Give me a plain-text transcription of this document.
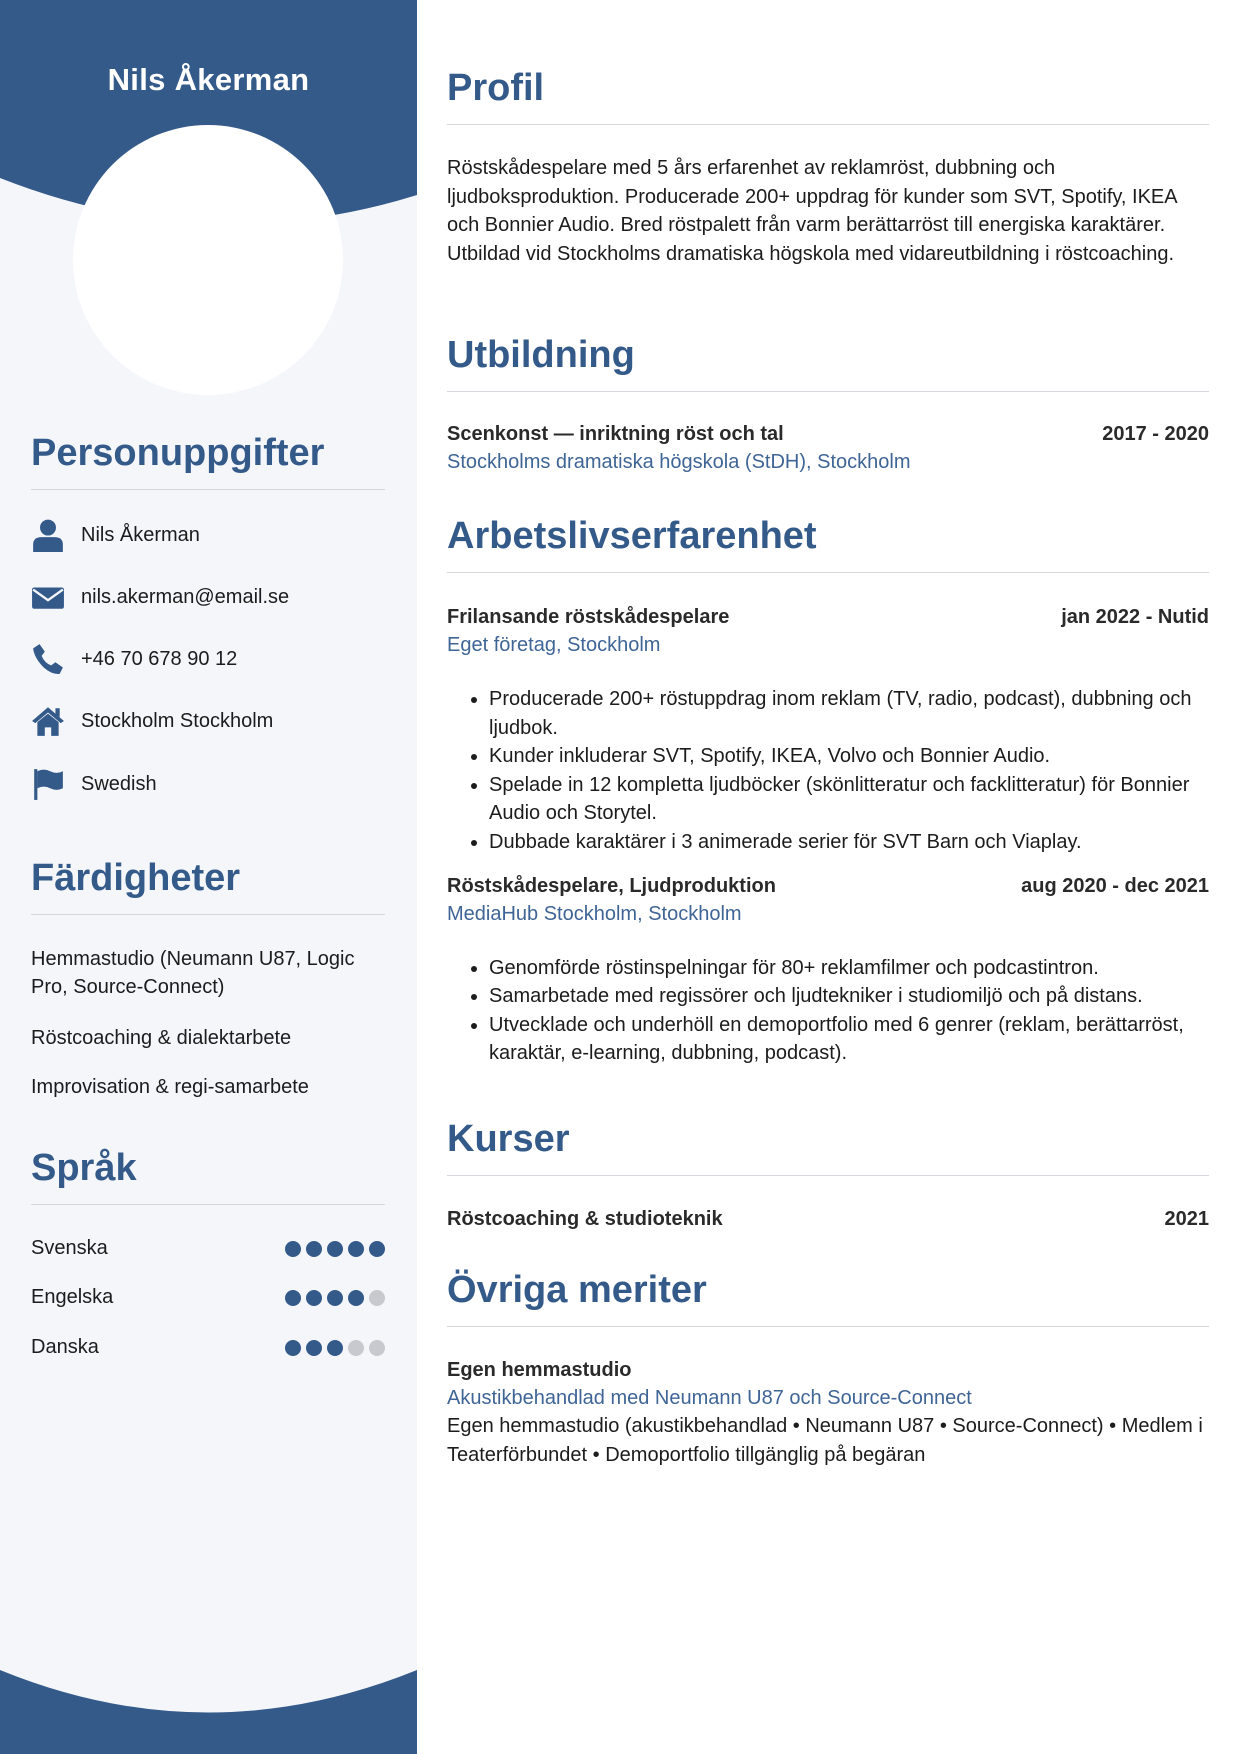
Nils Åkerman
Personuppgifter
Nils Åkerman
nils.akerman@email.se
+46 70 678 90 12
Stockholm Stockholm
Swedish
Färdigheter
Hemmastudio (Neumann U87, Logic Pro, Source-Connect)
Röstcoaching & dialektarbete
Improvisation & regi-samarbete
Språk
Svenska
Engelska
Danska
Profil
Röstskådespelare med 5 års erfarenhet av reklamröst, dubbning och ljudboksproduktion. Producerade 200+ uppdrag för kunder som SVT, Spotify, IKEA och Bonnier Audio. Bred röstpalett från varm berättarröst till energiska karaktärer. Utbildad vid Stockholms dramatiska högskola med vidareutbildning i röstcoaching.
Utbildning
Scenkonst — inriktning röst och tal	2017 - 2020
Stockholms dramatiska högskola (StDH), Stockholm
Arbetslivserfarenhet
Frilansande röstskådespelare	jan 2022 - Nutid
Eget företag, Stockholm
• Producerade 200+ röstuppdrag inom reklam (TV, radio, podcast), dubbning och ljudbok.
• Kunder inkluderar SVT, Spotify, IKEA, Volvo och Bonnier Audio.
• Spelade in 12 kompletta ljudböcker (skönlitteratur och facklitteratur) för Bonnier Audio och Storytel.
• Dubbade karaktärer i 3 animerade serier för SVT Barn och Viaplay.
Röstskådespelare, Ljudproduktion	aug 2020 - dec 2021
MediaHub Stockholm, Stockholm
• Genomförde röstinspelningar för 80+ reklamfilmer och podcastintron.
• Samarbetade med regissörer och ljudtekniker i studiomiljö och på distans.
• Utvecklade och underhöll en demoportfolio med 6 genrer (reklam, berättarröst, karaktär, e-learning, dubbning, podcast).
Kurser
Röstcoaching & studioteknik	2021
Övriga meriter
Egen hemmastudio
Akustikbehandlad med Neumann U87 och Source-Connect
Egen hemmastudio (akustikbehandlad • Neumann U87 • Source-Connect) • Medlem i Teaterförbundet • Demoportfolio tillgänglig på begäran
